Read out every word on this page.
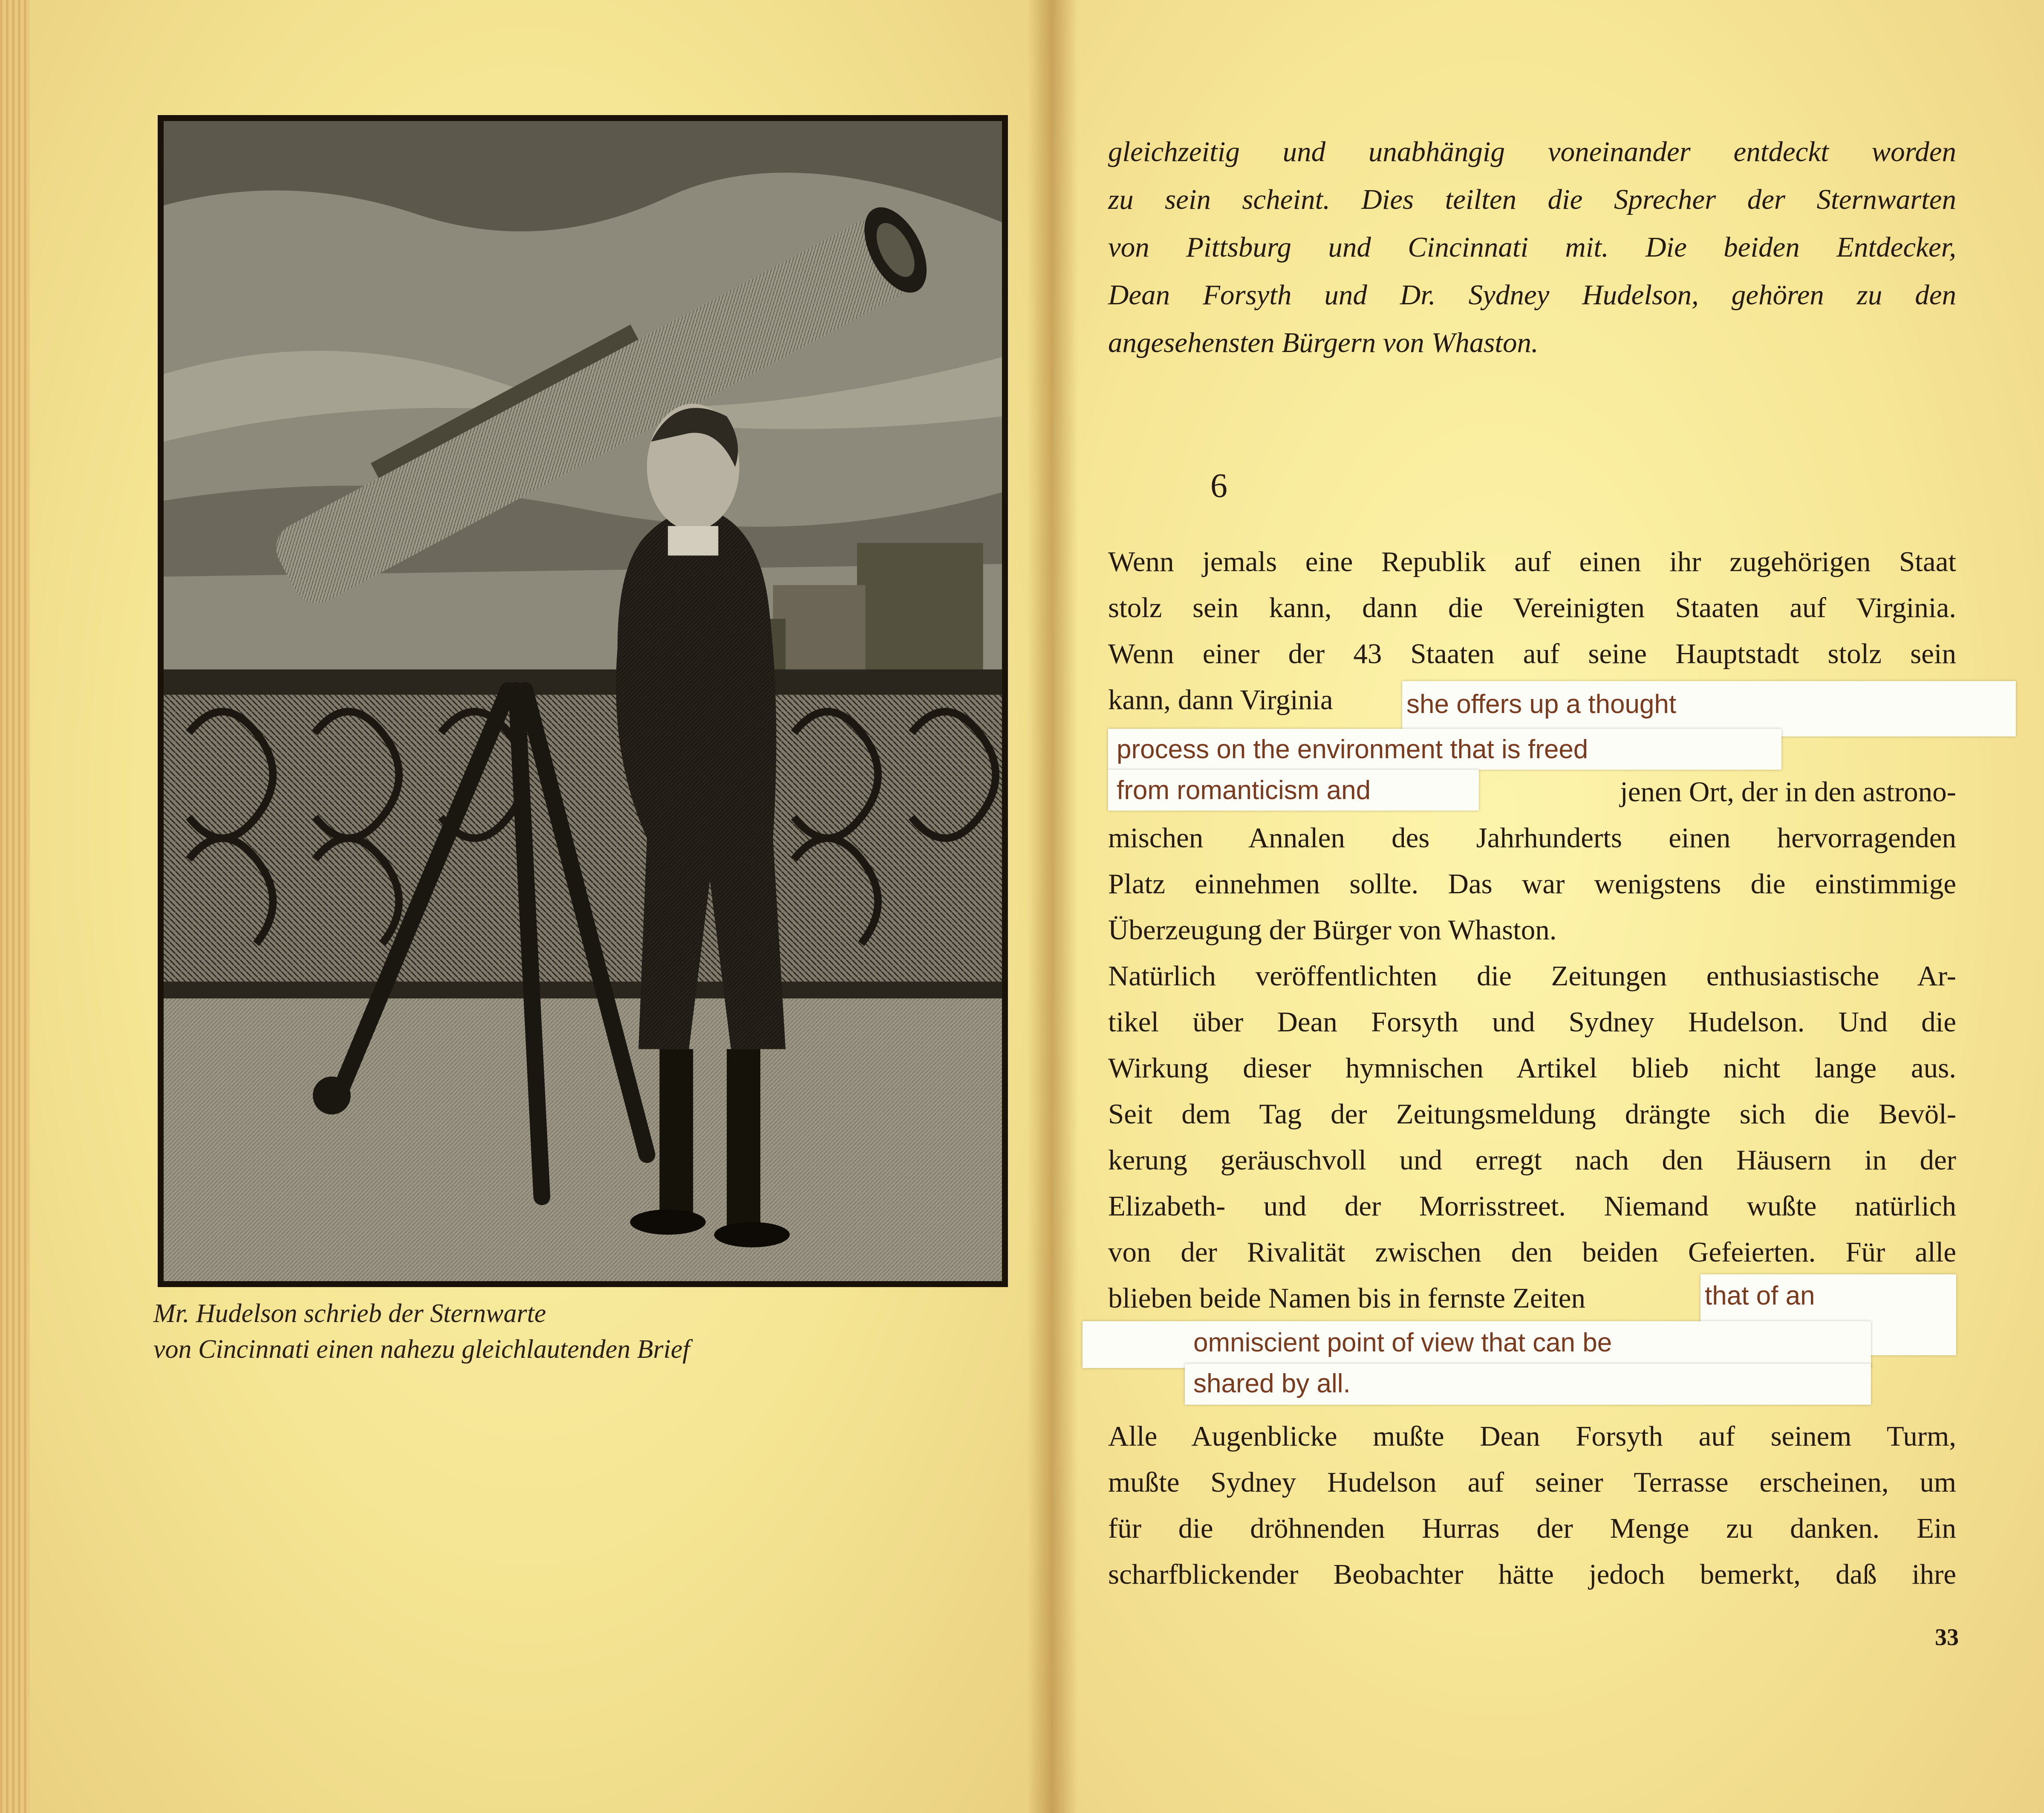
Mr. Hudelson schrieb der Sternwarte
von Cincinnati einen nahezu gleichlautenden Brief
gleichzeitig und unabhängig voneinander entdeckt worden
zu sein scheint. Dies teilten die Sprecher der Sternwarten
von Pittsburg und Cincinnati mit. Die beiden Entdecker,
Dean Forsyth und Dr. Sydney Hudelson, gehören zu den
angesehensten Bürgern von Whaston.
6
Wenn jemals eine Republik auf einen ihr zugehörigen Staat
stolz sein kann, dann die Vereinigten Staaten auf Virginia.
Wenn einer der 43 Staaten auf seine Hauptstadt stolz sein
kann, dann Virginia
jenen Ort, der in den astrono-
mischen Annalen des Jahrhunderts einen hervorragenden
Platz einnehmen sollte. Das war wenigstens die einstimmige
Überzeugung der Bürger von Whaston.
Natürlich veröffentlichten die Zeitungen enthusiastische Ar-
tikel über Dean Forsyth und Sydney Hudelson. Und die
Wirkung dieser hymnischen Artikel blieb nicht lange aus.
Seit dem Tag der Zeitungsmeldung drängte sich die Bevöl-
kerung geräuschvoll und erregt nach den Häusern in der
Elizabeth- und der Morrisstreet. Niemand wußte natürlich
von der Rivalität zwischen den beiden Gefeierten. Für alle
blieben beide Namen bis in fernste Zeiten
Alle Augenblicke mußte Dean Forsyth auf seinem Turm,
mußte Sydney Hudelson auf seiner Terrasse erscheinen, um
für die dröhnenden Hurras der Menge zu danken. Ein
scharfblickender Beobachter hätte jedoch bemerkt, daß ihre
she offers up a thought
process on the environment that is freed
from romanticism and
that of an
omniscient point of view that can be
shared by all.
33
